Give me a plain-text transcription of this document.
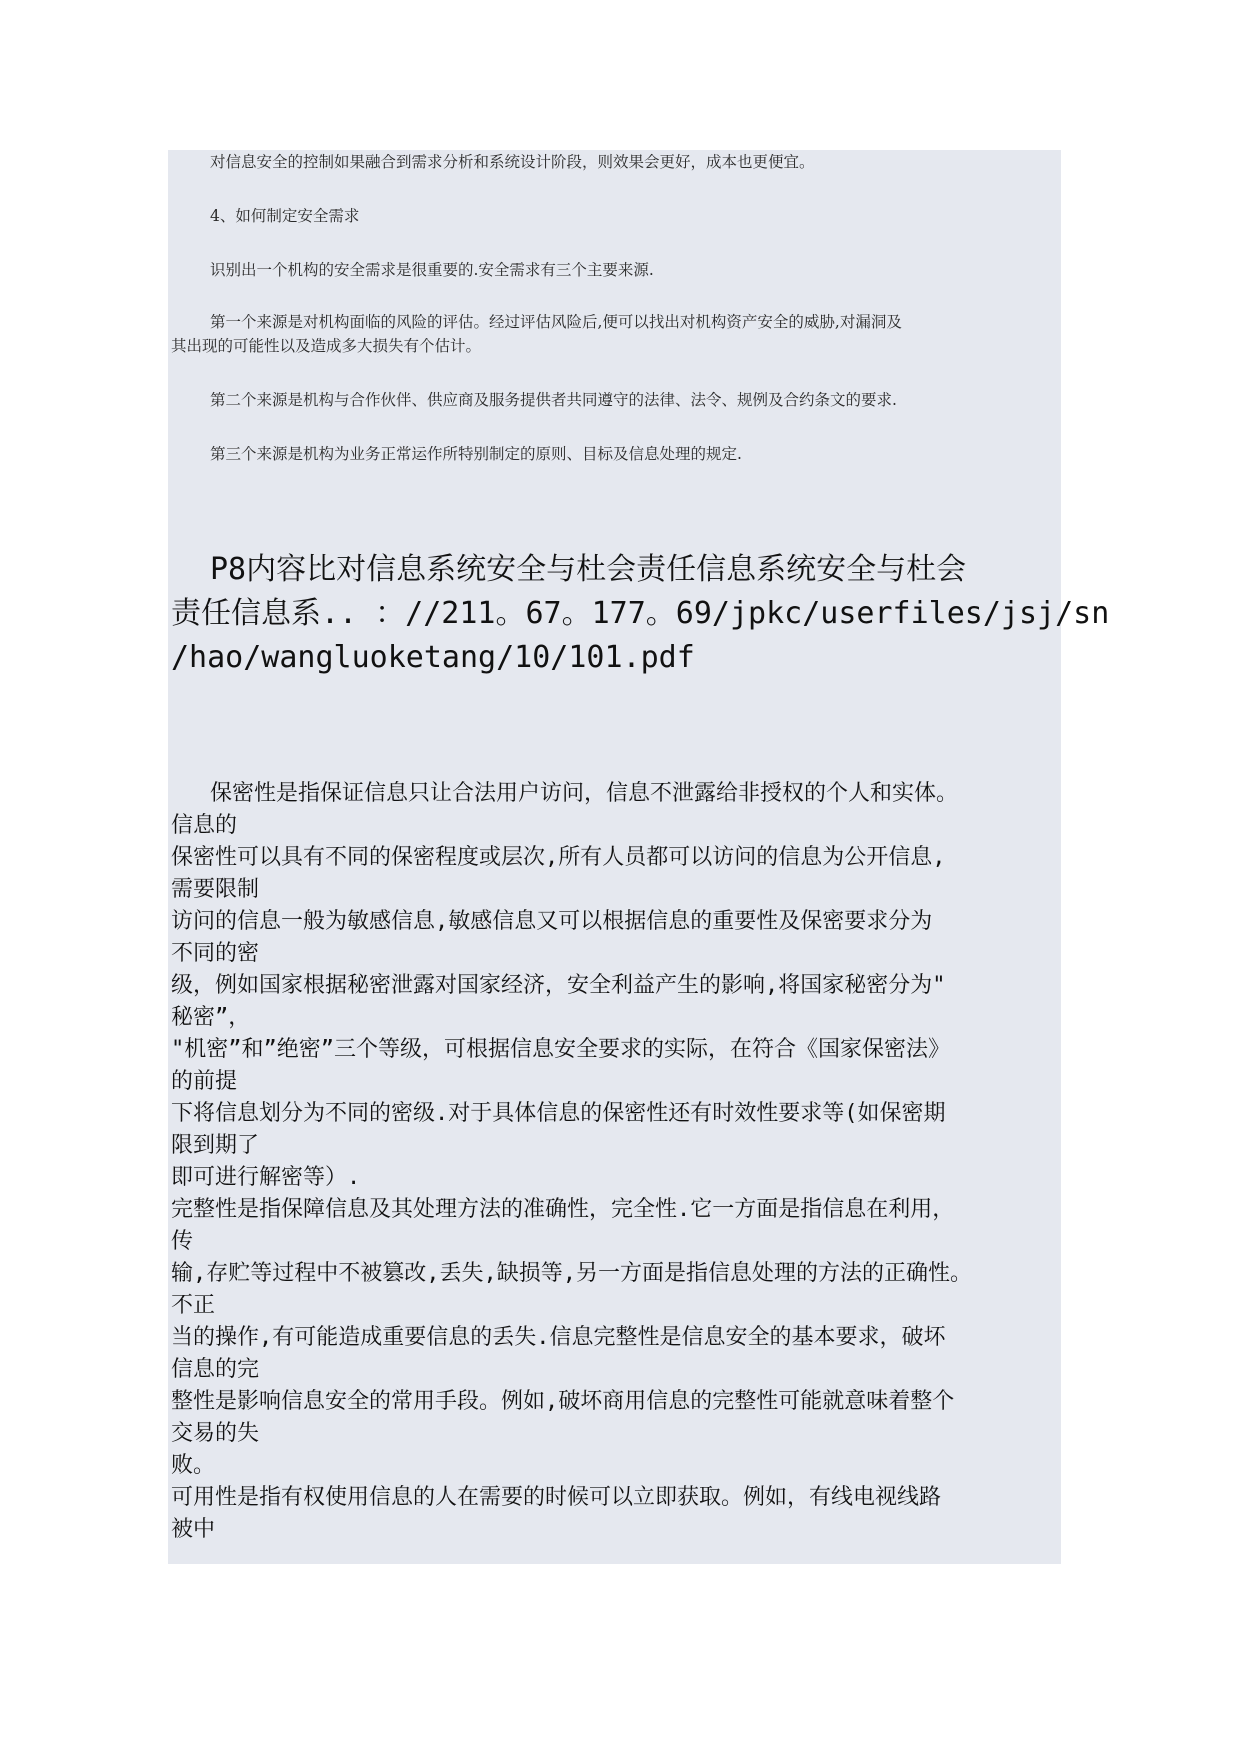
对信息安全的控制如果融合到需求分析和系统设计阶段，则效果会更好，成本也更便宜。

4、如何制定安全需求

识别出一个机构的安全需求是很重要的.安全需求有三个主要来源.

第一个来源是对机构面临的风险的评估。经过评估风险后,便可以找出对机构资产安全的威胁,对漏洞及

其出现的可能性以及造成多大损失有个估计。

第二个来源是机构与合作伙伴、供应商及服务提供者共同遵守的法律、法令、规例及合约条文的要求.

第三个来源是机构为业务正常运作所特别制定的原则、目标及信息处理的规定.

P8内容比对信息系统安全与杜会责任信息系统安全与杜会
责任信息系.. ：//211。67。177。69/jpkc/userfiles/jsj/sn
/hao/wangluoketang/10/101.pdf

保密性是指保证信息只让合法用户访问，信息不泄露给非授权的个人和实体。

信息的

保密性可以具有不同的保密程度或层次,所有人员都可以访问的信息为公开信息,

需要限制

访问的信息一般为敏感信息,敏感信息又可以根据信息的重要性及保密要求分为

不同的密

级，例如国家根据秘密泄露对国家经济，安全利益产生的影响,将国家秘密分为"

秘密”，

"机密”和”绝密”三个等级，可根据信息安全要求的实际，在符合《国家保密法》

的前提

下将信息划分为不同的密级.对于具体信息的保密性还有时效性要求等(如保密期

限到期了

即可进行解密等）.

完整性是指保障信息及其处理方法的准确性，完全性.它一方面是指信息在利用，

传

输,存贮等过程中不被篡改,丢失,缺损等,另一方面是指信息处理的方法的正确性。

不正

当的操作,有可能造成重要信息的丢失.信息完整性是信息安全的基本要求，破坏

信息的完

整性是影响信息安全的常用手段。例如,破坏商用信息的完整性可能就意味着整个

交易的失

败。

可用性是指有权使用信息的人在需要的时候可以立即获取。例如，有线电视线路

被中
